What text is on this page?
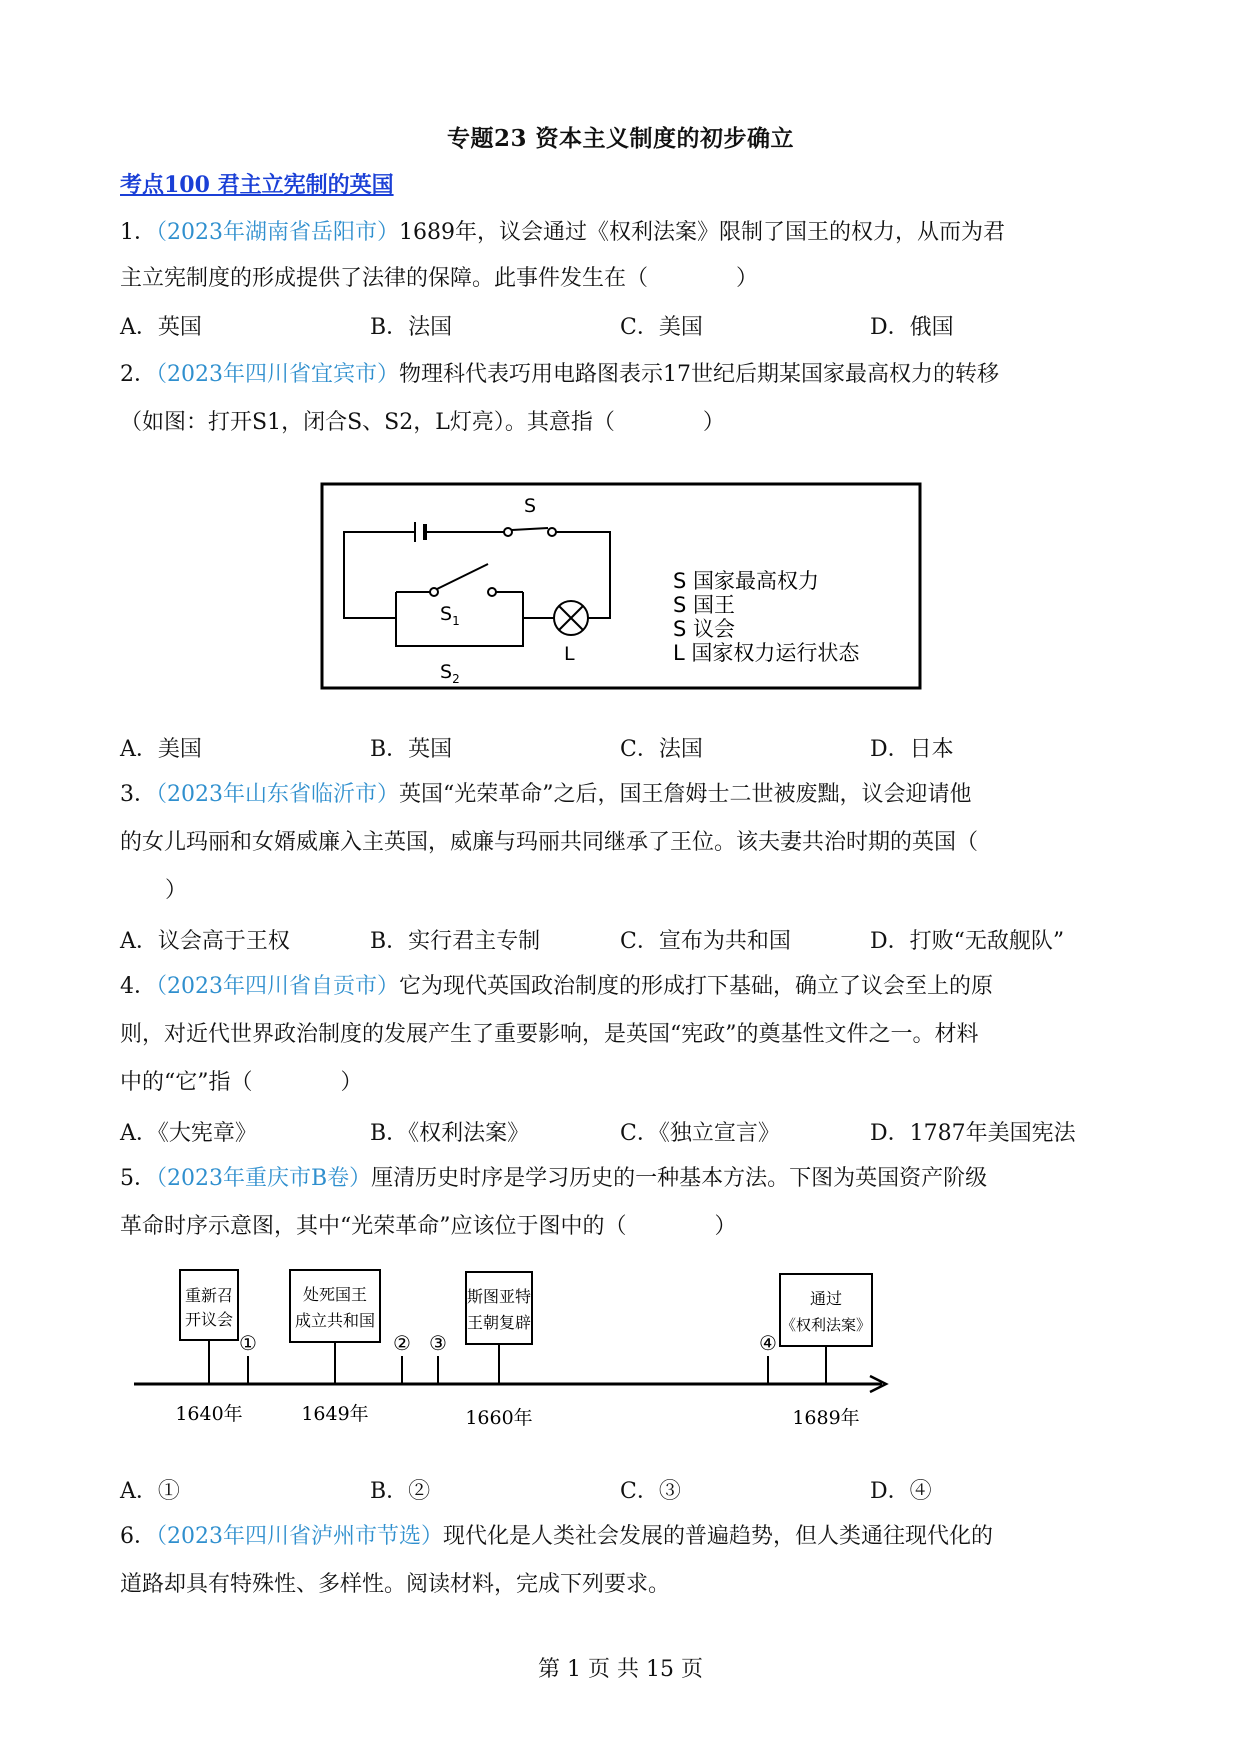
专题23 资本主义制度的初步确立
考点100 君主立宪制的英国
1．（2023年湖南省岳阳市）1689年，议会通过《权利法案》限制了国王的权力，从而为君
主立宪制度的形成提供了法律的保障。此事件发生在（　　　　）
A．英国	B．法国	C．美国	D．俄国
2．（2023年四川省宜宾市）物理科代表巧用电路图表示17世纪后期某国家最高权力的转移
（如图：打开S1，闭合S、S2，L灯亮）。其意指（　　　　）
S
$S_1$
$S_2$
L
S 国家最高权力
S 国王
S 议会
L 国家权力运行状态
A．美国	B．英国	C．法国	D．日本
3．（2023年山东省临沂市）英国“光荣革命”之后，国王詹姆士二世被废黜，议会迎请他
的女儿玛丽和女婿威廉入主英国，威廉与玛丽共同继承了王位。该夫妻共治时期的英国（
）
A．议会高于王权	B．实行君主专制	C．宣布为共和国	D．打败“无敌舰队”
4．（2023年四川省自贡市）它为现代英国政治制度的形成打下基础，确立了议会至上的原
则，对近代世界政治制度的发展产生了重要影响，是英国“宪政”的奠基性文件之一。材料
中的“它”指（　　　　）
A．《大宪章》	B．《权利法案》	C．《独立宣言》	D．1787年美国宪法
5．（2023年重庆市B卷）厘清历史时序是学习历史的一种基本方法。下图为英国资产阶级
革命时序示意图，其中“光荣革命”应该位于图中的（　　　　）
重新召
开议会
1640年
①
处死国王
成立共和国
1649年
② ③
斯图亚特
王朝复辟
1660年
④
通过
《权利法案》
1689年
A．①	B．②	C．③	D．④
6．（2023年四川省泸州市节选）现代化是人类社会发展的普遍趋势，但人类通往现代化的
道路却具有特殊性、多样性。阅读材料，完成下列要求。
第 1 页 共 15 页
